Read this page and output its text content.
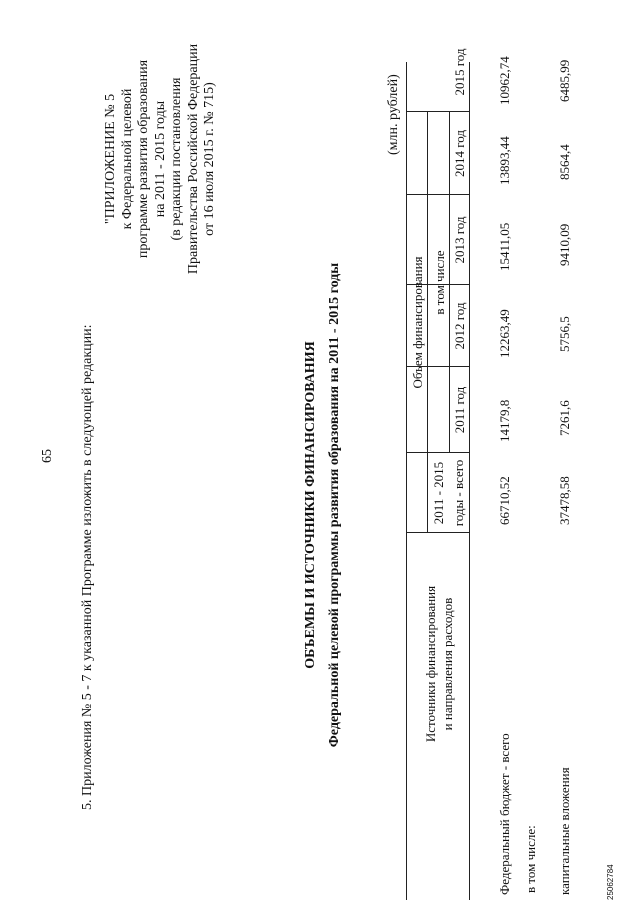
65 5. Приложения № 5 - 7 к указанной Программе изложить в следующей редакции:
"ПРИЛОЖЕНИЕ № 5 к Федеральной целевой программе развития образования на 2011 - 2015 годы (в редакции постановления Правительства Российской Федерации от 16 июля 2015 г. № 715)
ОБЪЕМЫ И ИСТОЧНИКИ ФИНАНСИРОВАНИЯ Федеральной целевой программы развития образования на 2011 - 2015 годы
(млн. рублей)
Источники финансирования и направления расходов
Объем финансирования
2011 - 2015 годы - всего
в том числе
2011 год
2012 год
2013 год
2014 год
2015 год
Федеральный бюджет - всего
66710,52
14179,8
12263,49
15411,05
13893,44
10962,74
в том числе: капитальные вложения
37478,58
7261,6
5756,5
9410,09
8564,4
6485,99
25062784
